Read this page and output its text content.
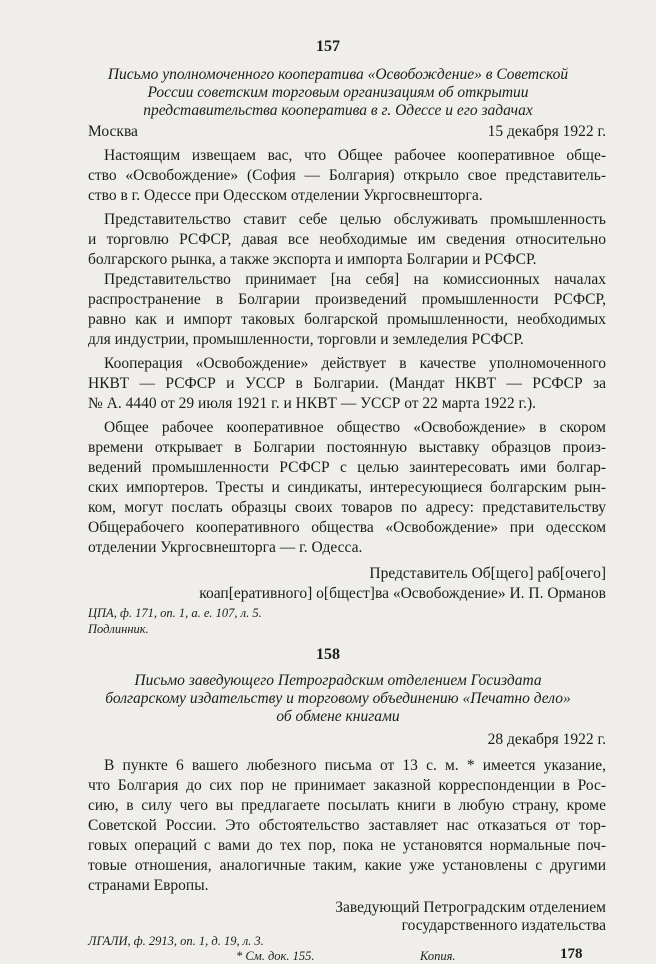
157
Письмо уполномоченного кооператива «Освобождение» в Советской
России советским торговым организациям об открытии
представительства кооператива в г. Одессе и его задачах
Москва	15 декабря 1922 г.
Настоящим извещаем вас, что Общее рабочее кооперативное обще-
ство «Освобождение» (София — Болгария) открыло свое представитель-
ство в г. Одессе при Одесском отделении Укргосвнешторга.
Представительство ставит себе целью обслуживать промышленность
и торговлю РСФСР, давая все необходимые им сведения относительно
болгарского рынка, а также экспорта и импорта Болгарии и РСФСР.
Представительство принимает [на себя] на комиссионных началах
распространение в Болгарии произведений промышленности РСФСР,
равно как и импорт таковых болгарской промышленности, необходимых
для индустрии, промышленности, торговли и земледелия РСФСР.
Кооперация «Освобождение» действует в качестве уполномоченного
НКВТ — РСФСР и УССР в Болгарии. (Мандат НКВТ — РСФСР за
№ А. 4440 от 29 июля 1921 г. и НКВТ — УССР от 22 марта 1922 г.).
Общее рабочее кооперативное общество «Освобождение» в скором
времени открывает в Болгарии постоянную выставку образцов произ-
ведений промышленности РСФСР с целью заинтересовать ими болгар-
ских импортеров. Тресты и синдикаты, интересующиеся болгарским рын-
ком, могут послать образцы своих товаров по адресу: представительству
Общерабочего кооперативного общества «Освобождение» при одесском
отделении Укргосвнешторга — г. Одесса.
Представитель Об[щего] раб[очего]
коап[еративного] о[бщест]ва «Освобождение» И. П. Орманов
ЦПА, ф. 171, оп. 1, а. е. 107, л. 5.
Подлинник.
158
Письмо заведующего Петроградским отделением Госиздата
болгарскому издательству и торговому объединению «Печатно дело»
об обмене книгами
28 декабря 1922 г.
В пункте 6 вашего любезного письма от 13 с. м. * имеется указание,
что Болгария до сих пор не принимает заказной корреспонденции в Рос-
сию, в силу чего вы предлагаете посылать книги в любую страну, кроме
Советской России. Это обстоятельство заставляет нас отказаться от тор-
говых операций с вами до тех пор, пока не установятся нормальные поч-
товые отношения, аналогичные таким, какие уже установлены с другими
странами Европы.
Заведующий Петроградским отделением
государственного издательства
ЛГАЛИ, ф. 2913, оп. 1, д. 19, л. 3.
Копия.
* См. док. 155.	178
